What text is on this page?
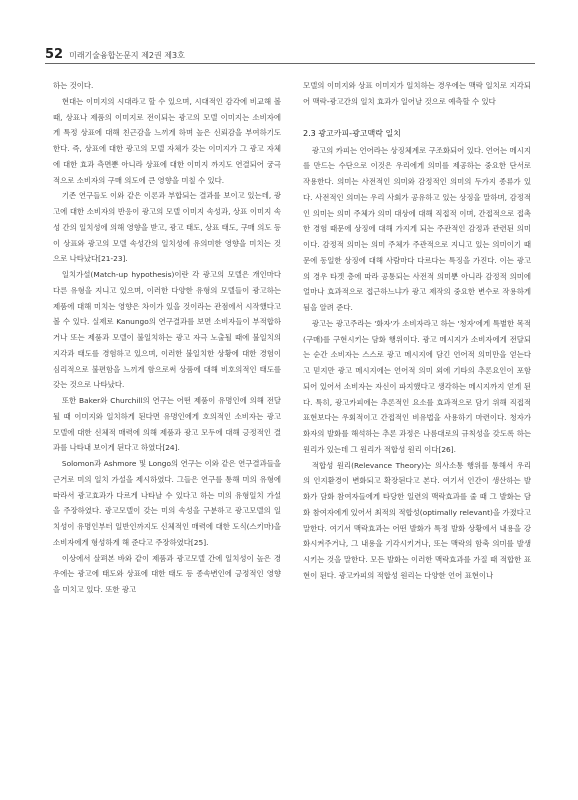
52 미래기술융합논문지 제2권 제3호

하는 것이다.

현대는 이미지의 시대라고 할 수 있으며, 시대적인 감각에 비교해 볼 때, 상표나 제품의 이미지로 전이되는 광고의 모델 이미지는 소비자에게 특정 상표에 대해 친근감을 느끼게 하며 높은 신뢰감을 부여하기도 한다. 즉, 상표에 대한 광고의 모델 자체가 갖는 이미지가 그 광고 자체에 대한 효과 측면뿐 아니라 상표에 대한 이미지 까지도 연결되어 궁극적으로 소비자의 구매 의도에 큰 영향을 미칠 수 있다.

기존 연구들도 이와 같은 이론과 부합되는 결과를 보이고 있는데, 광고에 대한 소비자의 반응이 광고의 모델 이미지 속성과, 상표 이미지 속성 간의 일치성에 의해 영향을 받고, 광고 태도, 상표 태도, 구매 의도 등이 상표와 광고의 모델 속성간의 일치성에 유의미한 영향을 미치는 것으로 나타났다[21-23].

일치가설(Match-up hypothesis)이란 각 광고의 모델은 개인마다 다른 유형을 지니고 있으며, 이러한 다양한 유형의 모델들이 광고하는 제품에 대해 미치는 영향은 차이가 있을 것이라는 관점에서 시작했다고 볼 수 있다. 실제로 Kanungo의 연구결과를 보면 소비자들이 부적합하거나 또는 제품과 모델이 불일치하는 광고 자극 노출될 때에 불일치의 지각과 태도를 경험하고 있으며, 이러한 불일치한 상황에 대한 경험이 심리적으로 불편함을 느끼게 함으로써 상품에 대해 비호의적인 태도를 갖는 것으로 나타났다.

또한 Baker와 Churchill의 연구는 어떤 제품이 유명인에 의해 전달될 때 이미지와 일치하게 된다면 유명인에게 호의적인 소비자는 광고 모델에 대한 신체적 매력에 의해 제품과 광고 모두에 대해 긍정적인 결과를 나타내 보이게 된다고 하였다[24].

Solomon과 Ashmore 및 Longo의 연구는 이와 같은 연구결과들을 근거로 미의 일치 가설을 제시하였다. 그들은 연구를 통해 미의 유형에 따라서 광고효과가 다르게 나타날 수 있다고 하는 미의 유형일치 가설을 주장하였다. 광고모델이 갖는 미의 속성을 구분하고 광고모델의 일치성이 유명인부터 일반인까지도 신체적인 매력에 대한 도식(스키마)을 소비자에게 형성하게 해 준다고 주장하였다[25].

이상에서 살펴본 바와 같이 제품과 광고모델 간에 일치성이 높은 경우에는 광고에 태도와 상표에 대한 태도 등 종속변인에 긍정적인 영향을 미치고 있다. 또한 광고

모델의 이미지와 상표 이미지가 일치하는 경우에는 맥락 일치로 지각되어 맥락-광고간의 일치 효과가 일어날 것으로 예측할 수 있다

2.3 광고카피-광고맥락 일치

광고의 카피는 언어라는 상징체계로 구조화되어 있다. 언어는 메시지를 만드는 수단으로 이것은 우리에게 의미를 제공하는 중요한 단서로 작용한다. 의미는 사전적인 의미와 감정적인 의미의 두가지 종류가 있다. 사전적인 의미는 우리 사회가 공유하고 있는 상징을 말하며, 감정적인 의미는 의미 주체가 의미 대상에 대해 직접적 이며, 간접적으로 접촉한 경험 때문에 상징에 대해 가지게 되는 주관적인 감정과 관련된 의미이다. 감정적 의미는 의미 주체가 주관적으로 지니고 있는 의미이기 때문에 동일한 상징에 대해 사람마다 다르다는 특징을 가진다. 이는 광고의 경우 타겟 층에 따라 공통되는 사전적 의미뿐 아니라 감정적 의미에 얼마나 효과적으로 접근하느냐가 광고 제작의 중요한 변수로 작용하게 됨을 알려 준다.

광고는 광고주라는 '화자'가 소비자라고 하는 '청자'에게 특별한 목적(구매)를 구현시키는 담화 행위이다. 광고 메시지가 소비자에게 전달되는 순간 소비자는 스스로 광고 메시지에 담긴 언어적 의미만을 얻는다고 믿지만 광고 메시지에는 언어적 의미 외에 기타의 추론요인이 포함되어 있어서 소비자는 자신이 파지했다고 생각하는 메시지까지 얻게 된다. 특히, 광고카피에는 추론적인 요소를 효과적으로 담기 위해 직접적 표현보다는 우회적이고 간접적인 비유법을 사용하기 마련이다. 청자가 화자의 발화를 해석하는 추론 과정은 나름대로의 규칙성을 갖도록 하는 원리가 있는데 그 원리가 적합성 원리 이다[26].

적합성 원리(Relevance Theory)는 의사소통 행위를 통해서 우리의 인지환경이 변화되고 확장된다고 본다. 여기서 인간이 생산하는 발화가 담화 참여자들에게 타당한 일련의 맥락효과를 줄 때 그 발화는 담화 참여자에게 있어서 최적의 적합성(optimally relevant)을 가졌다고 말한다. 여기서 맥락효과는 어떤 발화가 특정 발화 상황에서 내용을 강화시켜주거나, 그 내용을 기각시키거나, 또는 맥락의 함축 의미를 발생시키는 것을 말한다. 모든 발화는 이러한 맥락효과를 가질 때 적합한 표현이 된다. 광고카피의 적합성 원리는 다양한 언어 표현이나
